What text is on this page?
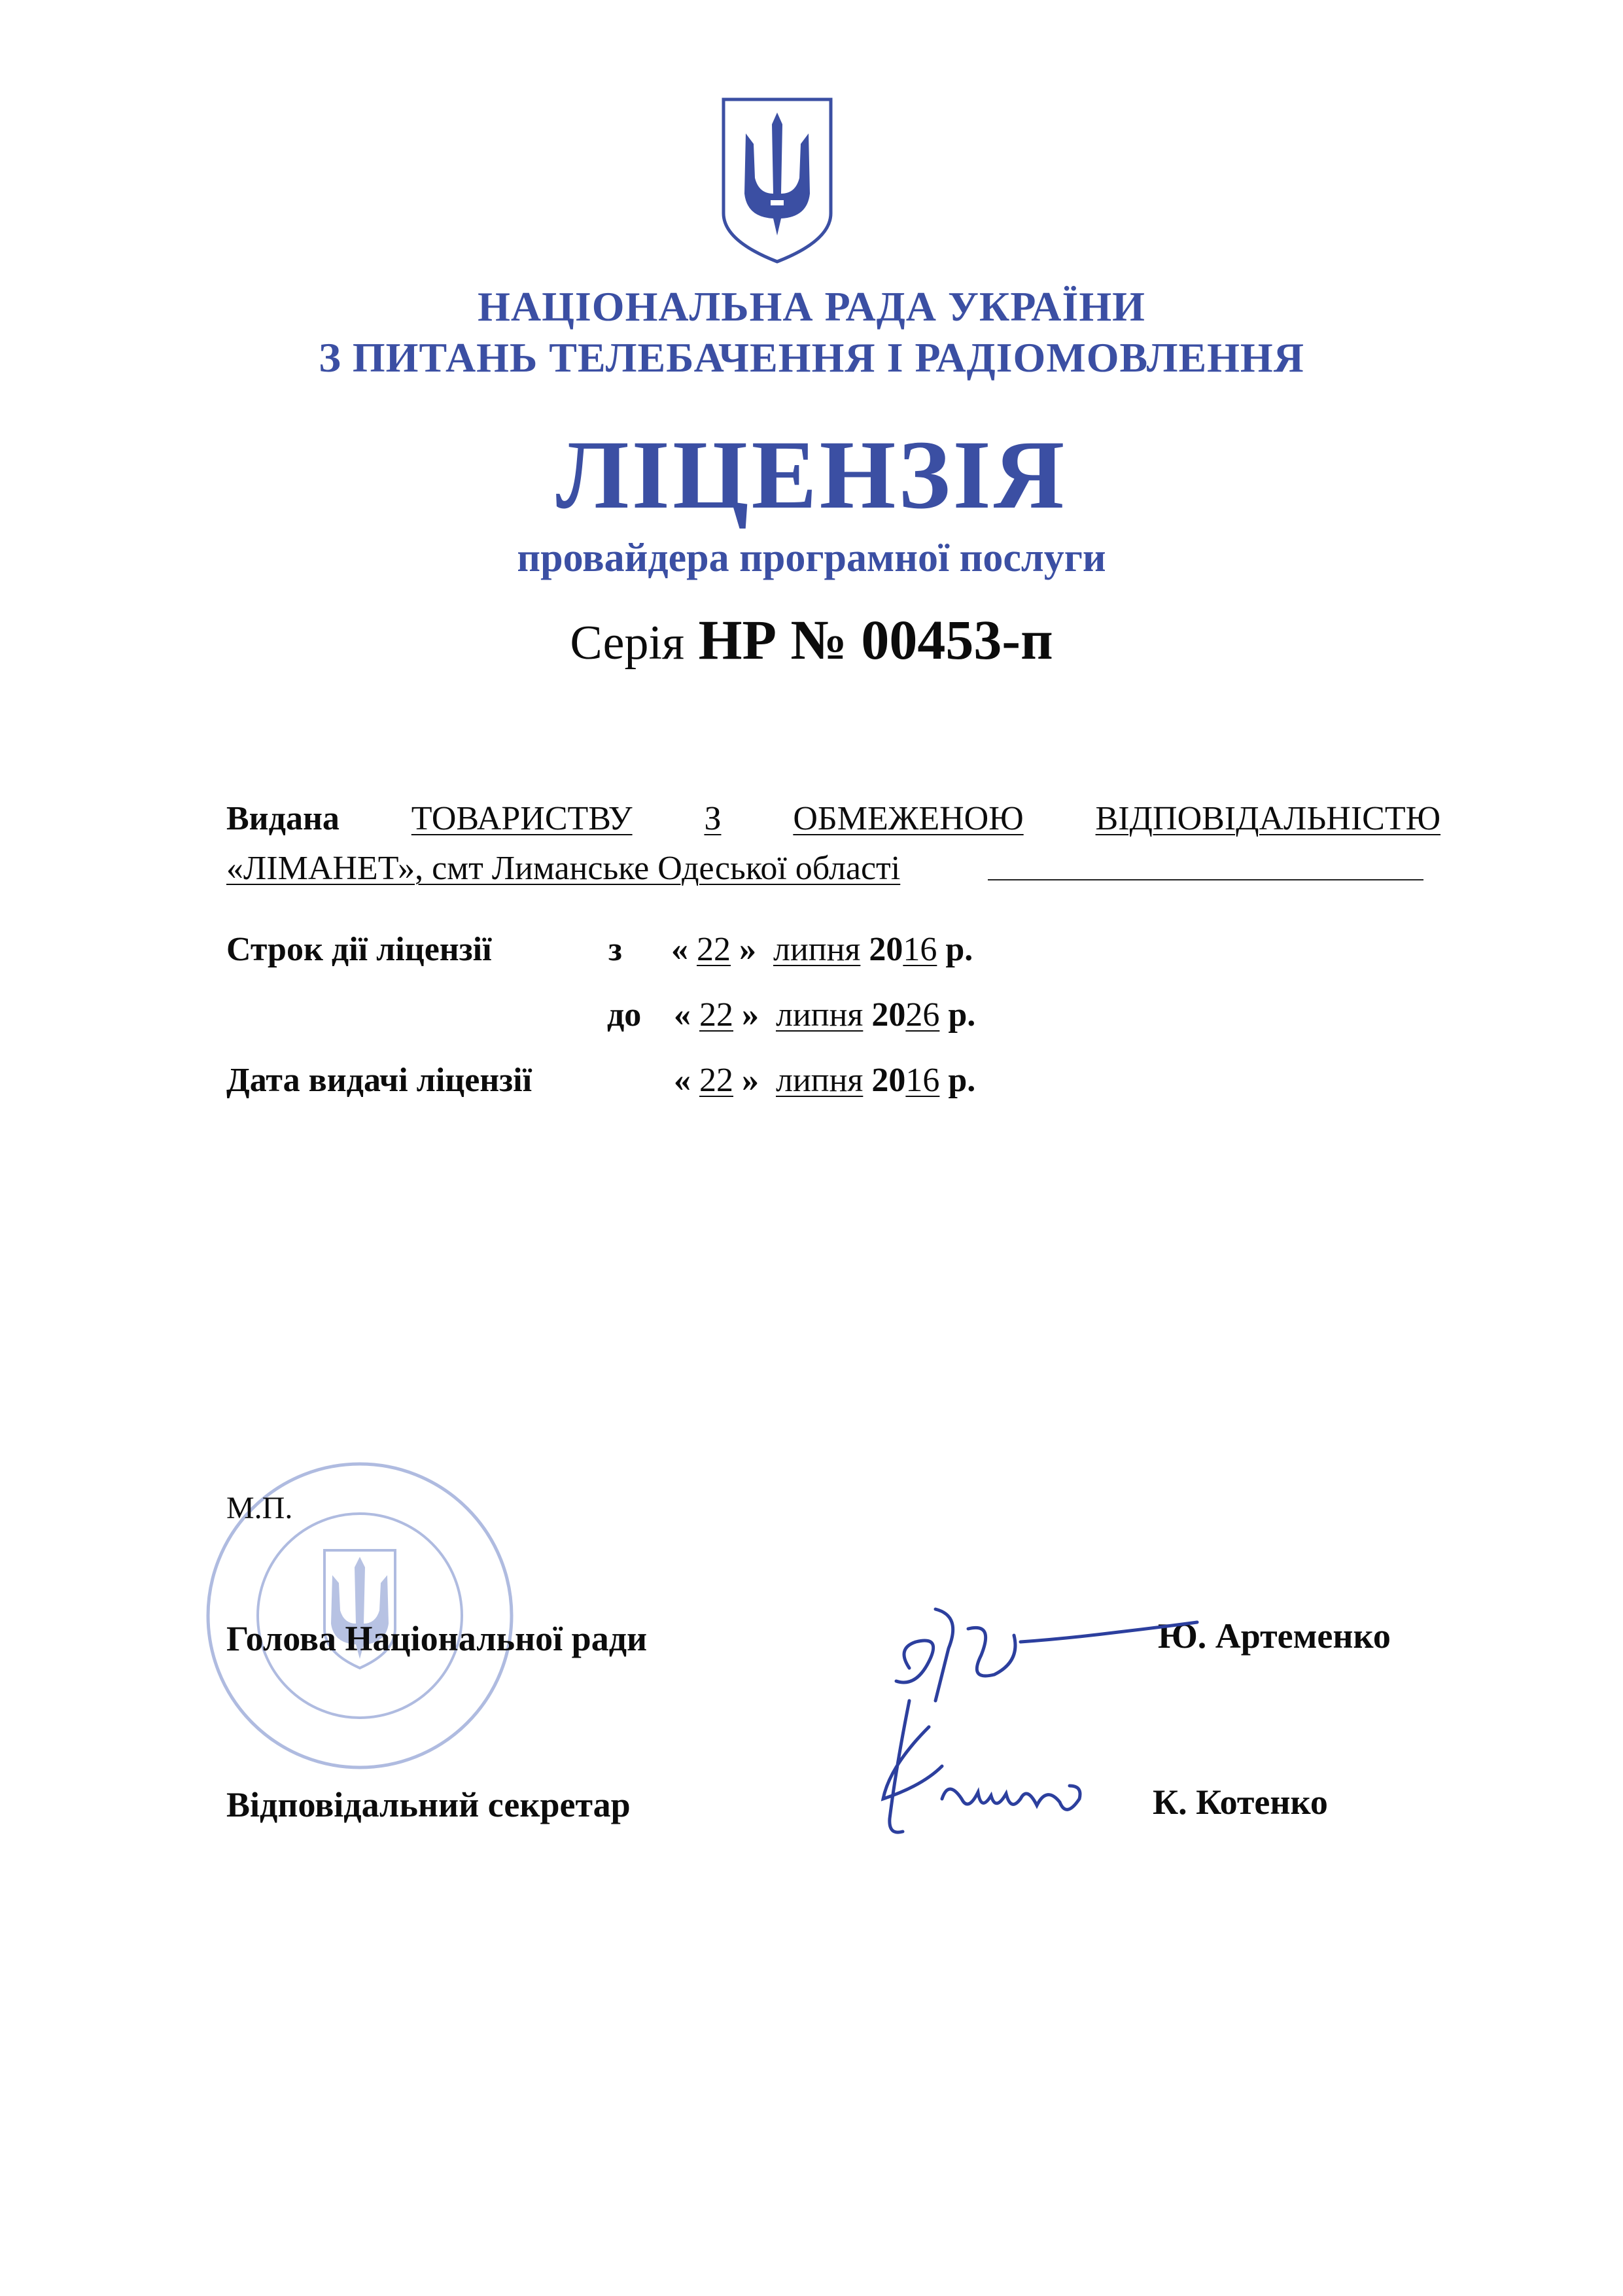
НАЦІОНАЛЬНА РАДА УКРАЇНИ
З ПИТАНЬ ТЕЛЕБАЧЕННЯ І РАДІОМОВЛЕННЯ
ЛІЦЕНЗІЯ
провайдера програмної послуги
Серія НР № 00453-п
Видана ТОВАРИСТВУ З ОБМЕЖЕНОЮ ВІДПОВІДАЛЬНІСТЮ
«ЛІМАНЕТ», смт Лиманське Одеської області
Строк дії ліцензії	з « 22 » липня 2016 р.
до « 22 » липня 2026 р.
Дата видачі ліцензії	« 22 » липня 2016 р.
М.П.
Голова Національної ради	Ю. Артеменко
Відповідальний секретар	К. Котенко
